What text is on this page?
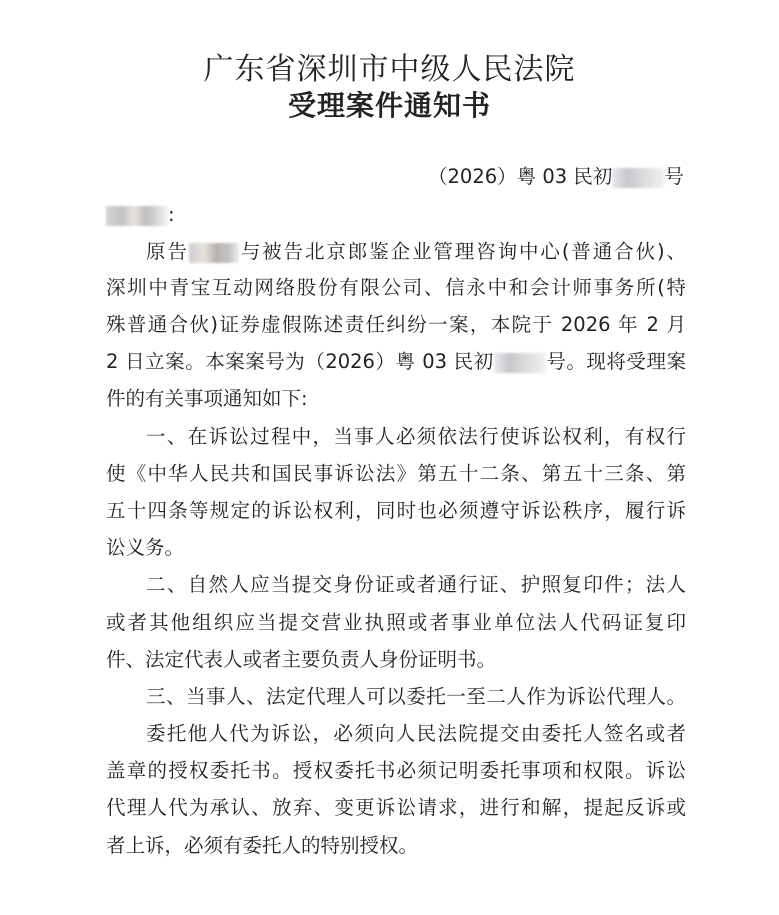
广东省深圳市中级人民法院
受理案件通知书
（2026）粤 03 民初	号
:
原告	与被告北京郎鉴企业管理咨询中心(普通合伙)、
深圳中青宝互动网络股份有限公司、信永中和会计师事务所(特
殊普通合伙)证券虚假陈述责任纠纷一案，本院于 2026 年 2 月
2 日立案。本案案号为（2026）粤 03 民初	号。现将受理案
件的有关事项通知如下:
一、在诉讼过程中，当事人必须依法行使诉讼权利，有权行
使《中华人民共和国民事诉讼法》第五十二条、第五十三条、第
五十四条等规定的诉讼权利，同时也必须遵守诉讼秩序，履行诉
讼义务。
二、自然人应当提交身份证或者通行证、护照复印件；法人
或者其他组织应当提交营业执照或者事业单位法人代码证复印
件、法定代表人或者主要负责人身份证明书。
三、当事人、法定代理人可以委托一至二人作为诉讼代理人。
委托他人代为诉讼，必须向人民法院提交由委托人签名或者
盖章的授权委托书。授权委托书必须记明委托事项和权限。诉讼
代理人代为承认、放弃、变更诉讼请求，进行和解，提起反诉或
者上诉，必须有委托人的特别授权。
